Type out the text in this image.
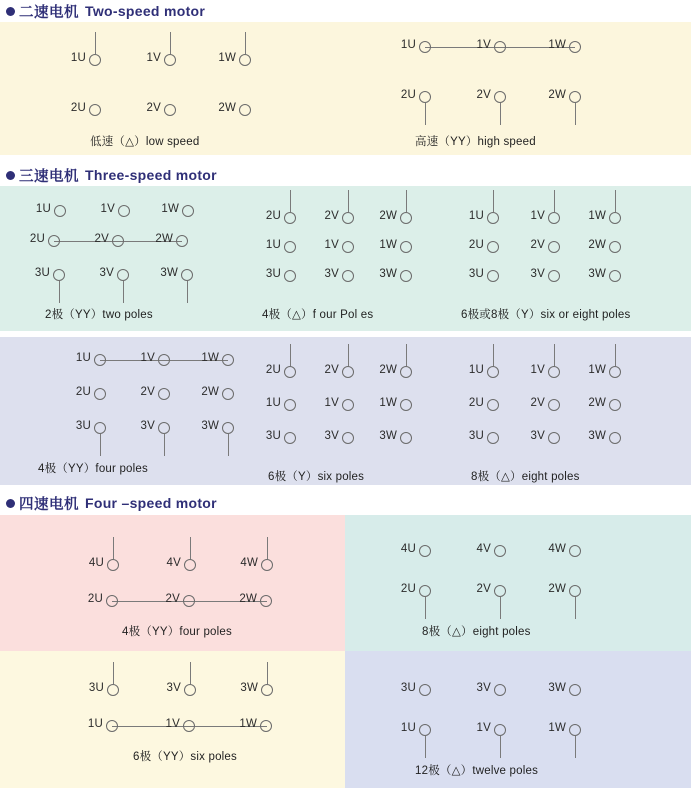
二速电机 Two-speed motor
1U	1V	1W
2U	2V	2W
低速（△）low speed
1U	1V	1W
2U	2V	2W
高速（YY）high speed
三速电机 Three-speed motor
1U	1V	1W
2U	2V	2W
3U	3V	3W
2极（YY）two poles
2U	2V	2W
1U	1V	1W
3U	3V	3W
4极（△）f our Pol es
1U	1V	1W
2U	2V	2W
3U	3V	3W
6极或8极（Y）six or eight poles
1U	1V	1W
2U	2V	2W
3U	3V	3W
4极（YY）four poles
2U	2V	2W
1U	1V	1W
3U	3V	3W
6极（Y）six poles
1U	1V	1W
2U	2V	2W
3U	3V	3W
8极（△）eight poles
四速电机 Four –speed motor
4U	4V	4W
2U	2V	2W
4极（YY）four poles
4U	4V	4W
2U	2V	2W
8极（△）eight poles
3U	3V	3W
1U	1V	1W
6极（YY）six poles
3U	3V	3W
1U	1V	1W
12极（△）twelve poles
